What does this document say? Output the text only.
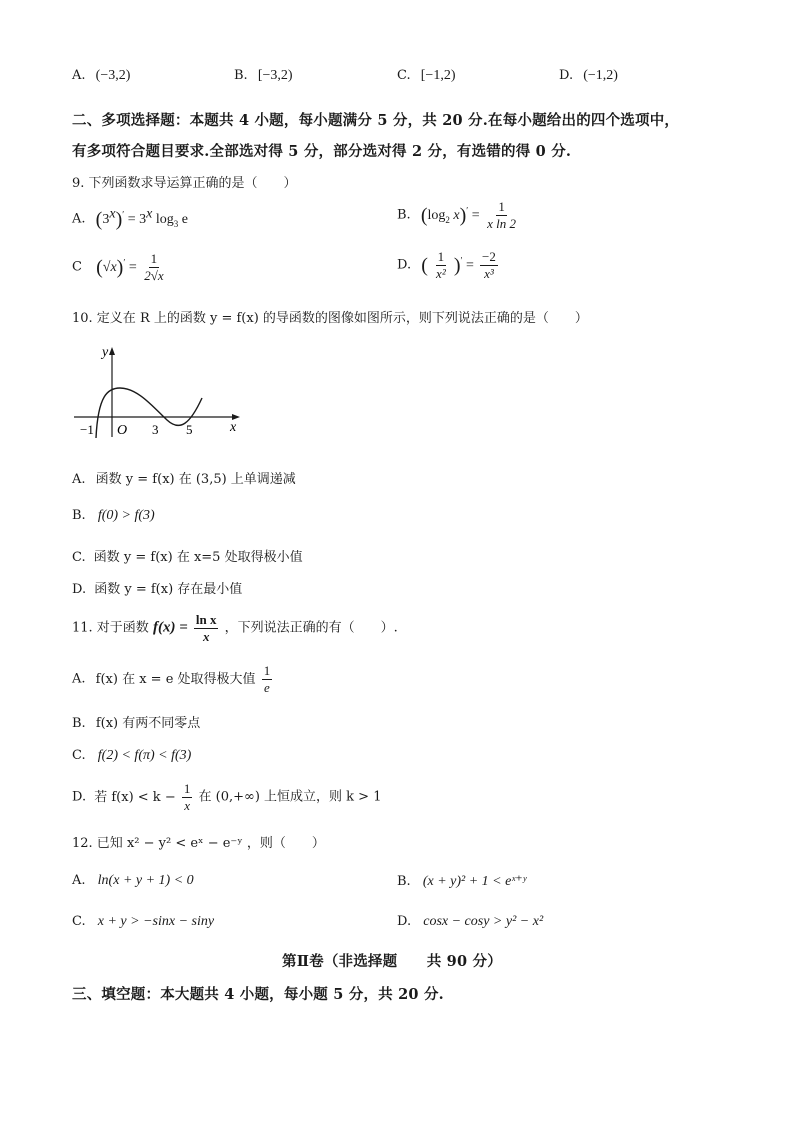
A. (−3,2)	B. [−3,2)	C. [−1,2)	D. (−1,2)
二、多项选择题：本题共 4 小题，每小题满分 5 分，共 20 分.在每小题给出的四个选项中，
有多项符合题目要求.全部选对得 5 分，部分选对得 2 分，有选错的得 0 分.
9. 下列函数求导运算正确的是（　　）
A. $(3^x)' = 3^x$ $\log_3 e$	B. ($\log_2$ $x)' = \frac{1}{\text{x ln 2}}$
C $(√x)' = \frac{1}{2√x}$	D. ( $\frac{1}{\text{x²}} )' = \frac{-2}{\text{x³}}$
10. 定义在 R 上的函数 y = f(x) 的导函数的图像如图所示，则下列说法正确的是（　　）
y
x
O
−1	3 5
A. 函数 y = f(x) 在 (3,5) 上单调递减
B. f(0) > f(3)
C. 函数 y = f(x) 在 x=5 处取得极小值
D. 函数 y = f(x) 存在最小值
11. 对于函数 $f(x) = \frac{\text{ln x}}{x}$ ，下列说法正确的有（　　）.
A. f(x) 在 x = e 处取得极大值 $\frac{1}{e}$
B. f(x) 有两不同零点
C. f(2) < f(π) < f(3)
D. 若 $f(x) < k - \frac{1}{x}$ 在 (0,+∞) 上恒成立，则 k > 1
12. 已知 x² − y² < eˣ − e⁻ʸ ，则（　　）
A. ln(x + y + 1) < 0	B. (x + y)² + 1 < eˣ⁺ʸ
C. x + y > −sinx − siny	D. cosx − cosy > y² − x²
第Ⅱ卷（非选择题　　共 90 分）
三、填空题：本大题共 4 小题，每小题 5 分，共 20 分.
